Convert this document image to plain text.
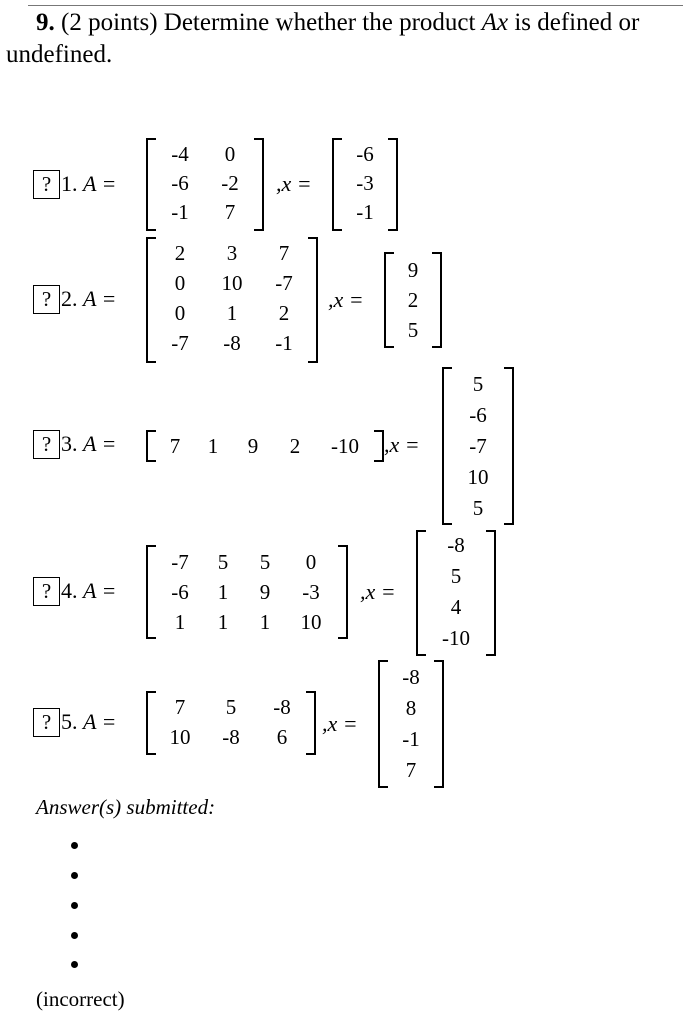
9. (2 points) Determine whether the product Ax is defined or
undefined.
? 1. A =
-4	0
-6	-2
-1	7
,x =
-6
-3
-1
? 2. A =
2	3	7
0	10	-7
0	1	2
-7	-8	-1
,x =
9
2
5
? 3. A =	7	1	9	2	-10 ,x =
5
-6
-7
10
5
? 4. A =
-7	5	5	0
-6	1	9	-3
1	1	1	10
,x =
-8
5
4
-10
? 5. A =
7	5	-8
10	-8	6
,x =
-8
8
-1
7
Answer(s) submitted:
(incorrect)
